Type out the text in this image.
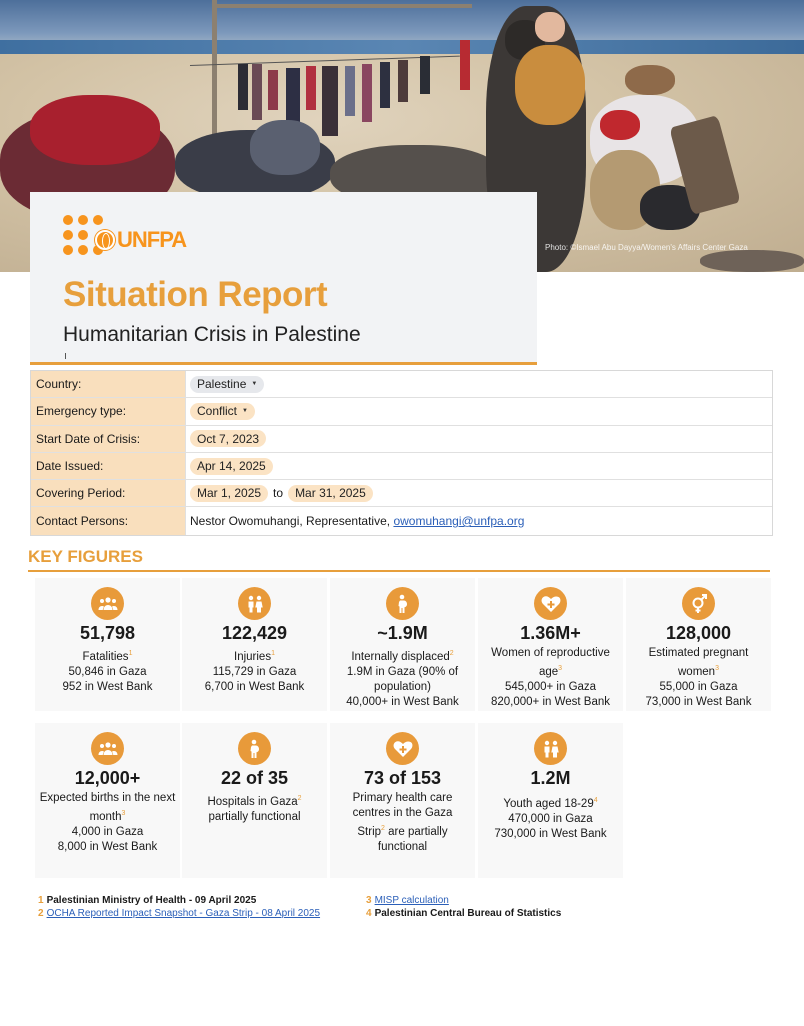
Photo: ©Ismael Abu Dayya/Women's Affairs Center Gaza
UNFPA
Situation Report
Humanitarian Crisis in Palestine
Country:	Palestine ▼
Emergency type:	Conflict ▼
Start Date of Crisis:	Oct 7, 2023
Date Issued:	Apr 14, 2025
Covering Period:	Mar 1, 2025	to	Mar 31, 2025
Contact Persons:	Nestor Owomuhangi, Representative, owomuhangi@unfpa.org
KEY FIGURES
51,798
Fatalities$^1$
50,846 in Gaza
952 in West Bank
122,429
Injuries$^1$
115,729 in Gaza
6,700 in West Bank
~1.9M
Internally displaced$^2$
1.9M in Gaza (90% of population)
40,000+ in West Bank
1.36M+
Women of reproductive age$^3$
545,000+ in Gaza
820,000+ in West Bank
128,000
Estimated pregnant women$^3$
55,000 in Gaza
73,000 in West Bank
12,000+
Expected births in the next month$^3$
4,000 in Gaza
8,000 in West Bank
22 of 35
Hospitals in Gaza$^2$
partially functional
73 of 153
Primary health care centres in the Gaza Strip$^2$ are partially functional
1.2M
Youth aged $18-29^4$
470,000 in Gaza
730,000 in West Bank
1 Palestinian Ministry of Health - 09 April 2025
2 OCHA Reported Impact Snapshot - Gaza Strip - 08 April 2025
3 MISP calculation
4 Palestinian Central Bureau of Statistics
